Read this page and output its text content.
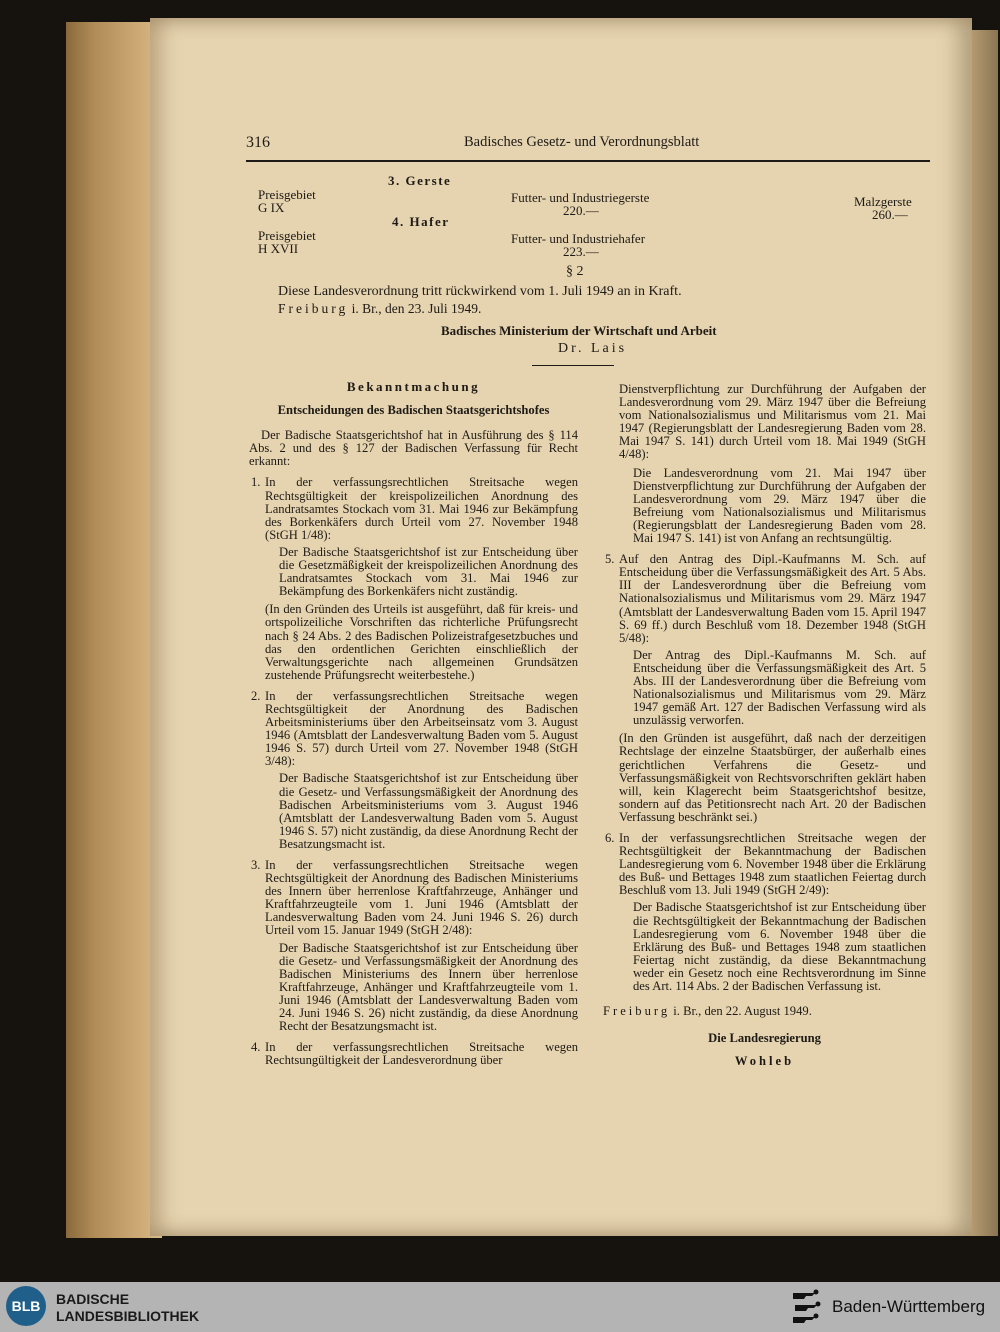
316	Badisches Gesetz- und Verordnungsblatt
3. Gerste
Preisgebiet
G IX
Futter- und Industriegerste
220.—
Malzgerste
260.—
4. Hafer
Preisgebiet
H XVII
Futter- und Industriehafer
223.—
§ 2
Diese Landesverordnung tritt rückwirkend vom 1. Juli 1949 an in Kraft.
Freiburg i. Br., den 23. Juli 1949.
Badisches Ministerium der Wirtschaft und Arbeit
Dr. Lais

Bekanntmachung

Entscheidungen des Badischen Staatsgerichtshofes

Der Badische Staatsgerichtshof hat in Ausführung des § 114 Abs. 2 und des § 127 der Badischen Verfassung für Recht erkannt:

1. In der verfassungsrechtlichen Streitsache wegen Rechtsgültigkeit der kreispolizeilichen Anordnung des Landratsamtes Stockach vom 31. Mai 1946 zur Bekämpfung des Borkenkäfers durch Urteil vom 27. November 1948 (StGH 1/48):

Der Badische Staatsgerichtshof ist zur Entscheidung über die Gesetzmäßigkeit der kreispolizeilichen Anordnung des Landratsamtes Stockach vom 31. Mai 1946 zur Bekämpfung des Borkenkäfers nicht zuständig.

(In den Gründen des Urteils ist ausgeführt, daß für kreis- und ortspolizeiliche Vorschriften das richterliche Prüfungsrecht nach § 24 Abs. 2 des Badischen Polizeistrafgesetzbuches und das den ordentlichen Gerichten einschließlich der Verwaltungsgerichte nach allgemeinen Grundsätzen zustehende Prüfungsrecht weiterbestehe.)

2. In der verfassungsrechtlichen Streitsache wegen Rechtsgültigkeit der Anordnung des Badischen Arbeitsministeriums über den Arbeitseinsatz vom 3. August 1946 (Amtsblatt der Landesverwaltung Baden vom 5. August 1946 S. 57) durch Urteil vom 27. November 1948 (StGH 3/48):

Der Badische Staatsgerichtshof ist zur Entscheidung über die Gesetz- und Verfassungsmäßigkeit der Anordnung des Badischen Arbeitsministeriums vom 3. August 1946 (Amtsblatt der Landesverwaltung Baden vom 5. August 1946 S. 57) nicht zuständig, da diese Anordnung Recht der Besatzungsmacht ist.

3. In der verfassungsrechtlichen Streitsache wegen Rechtsgültigkeit der Anordnung des Badischen Ministeriums des Innern über herrenlose Kraftfahrzeuge, Anhänger und Kraftfahrzeugteile vom 1. Juni 1946 (Amtsblatt der Landesverwaltung Baden vom 24. Juni 1946 S. 26) durch Urteil vom 15. Januar 1949 (StGH 2/48):

Der Badische Staatsgerichtshof ist zur Entscheidung über die Gesetz- und Verfassungsmäßigkeit der Anordnung des Badischen Ministeriums des Innern über herrenlose Kraftfahrzeuge, Anhänger und Kraftfahrzeugteile vom 1. Juni 1946 (Amtsblatt der Landesverwaltung Baden vom 24. Juni 1946 S. 26) nicht zuständig, da diese Anordnung Recht der Besatzungsmacht ist.

4. In der verfassungsrechtlichen Streitsache wegen Rechtsungültigkeit der Landesverordnung über

Dienstverpflichtung zur Durchführung der Aufgaben der Landesverordnung vom 29. März 1947 über die Befreiung vom Nationalsozialismus und Militarismus vom 21. Mai 1947 (Regierungsblatt der Landesregierung Baden vom 28. Mai 1947 S. 141) durch Urteil vom 18. Mai 1949 (StGH 4/48):

Die Landesverordnung vom 21. Mai 1947 über Dienstverpflichtung zur Durchführung der Aufgaben der Landesverordnung vom 29. März 1947 über die Befreiung vom Nationalsozialismus und Militarismus (Regierungsblatt der Landesregierung Baden vom 28. Mai 1947 S. 141) ist von Anfang an rechtsungültig.

5. Auf den Antrag des Dipl.-Kaufmanns M. Sch. auf Entscheidung über die Verfassungsmäßigkeit des Art. 5 Abs. III der Landesverordnung über die Befreiung vom Nationalsozialismus und Militarismus vom 29. März 1947 (Amtsblatt der Landesverwaltung Baden vom 15. April 1947 S. 69 ff.) durch Beschluß vom 18. Dezember 1948 (StGH 5/48):

Der Antrag des Dipl.-Kaufmanns M. Sch. auf Entscheidung über die Verfassungsmäßigkeit des Art. 5 Abs. III der Landesverordnung über die Befreiung vom Nationalsozialismus und Militarismus vom 29. März 1947 gemäß Art. 127 der Badischen Verfassung wird als unzulässig verworfen.

(In den Gründen ist ausgeführt, daß nach der derzeitigen Rechtslage der einzelne Staatsbürger, der außerhalb eines gerichtlichen Verfahrens die Gesetz- und Verfassungsmäßigkeit von Rechtsvorschriften geklärt haben will, kein Klagerecht beim Staatsgerichtshof besitze, sondern auf das Petitionsrecht nach Art. 20 der Badischen Verfassung beschränkt sei.)

6. In der verfassungsrechtlichen Streitsache wegen der Rechtsgültigkeit der Bekanntmachung der Badischen Landesregierung vom 6. November 1948 über die Erklärung des Buß- und Bettages 1948 zum staatlichen Feiertag durch Beschluß vom 13. Juli 1949 (StGH 2/49):

Der Badische Staatsgerichtshof ist zur Entscheidung über die Rechtsgültigkeit der Bekanntmachung der Badischen Landesregierung vom 6. November 1948 über die Erklärung des Buß- und Bettages 1948 zum staatlichen Feiertag nicht zuständig, da diese Bekanntmachung weder ein Gesetz noch eine Rechtsverordnung im Sinne des Art. 114 Abs. 2 der Badischen Verfassung ist.

Freiburg i. Br., den 22. August 1949.

Die Landesregierung

Wohleb

BLB BADISCHE
LANDESBIBLIOTHEK	Baden-Württemberg
